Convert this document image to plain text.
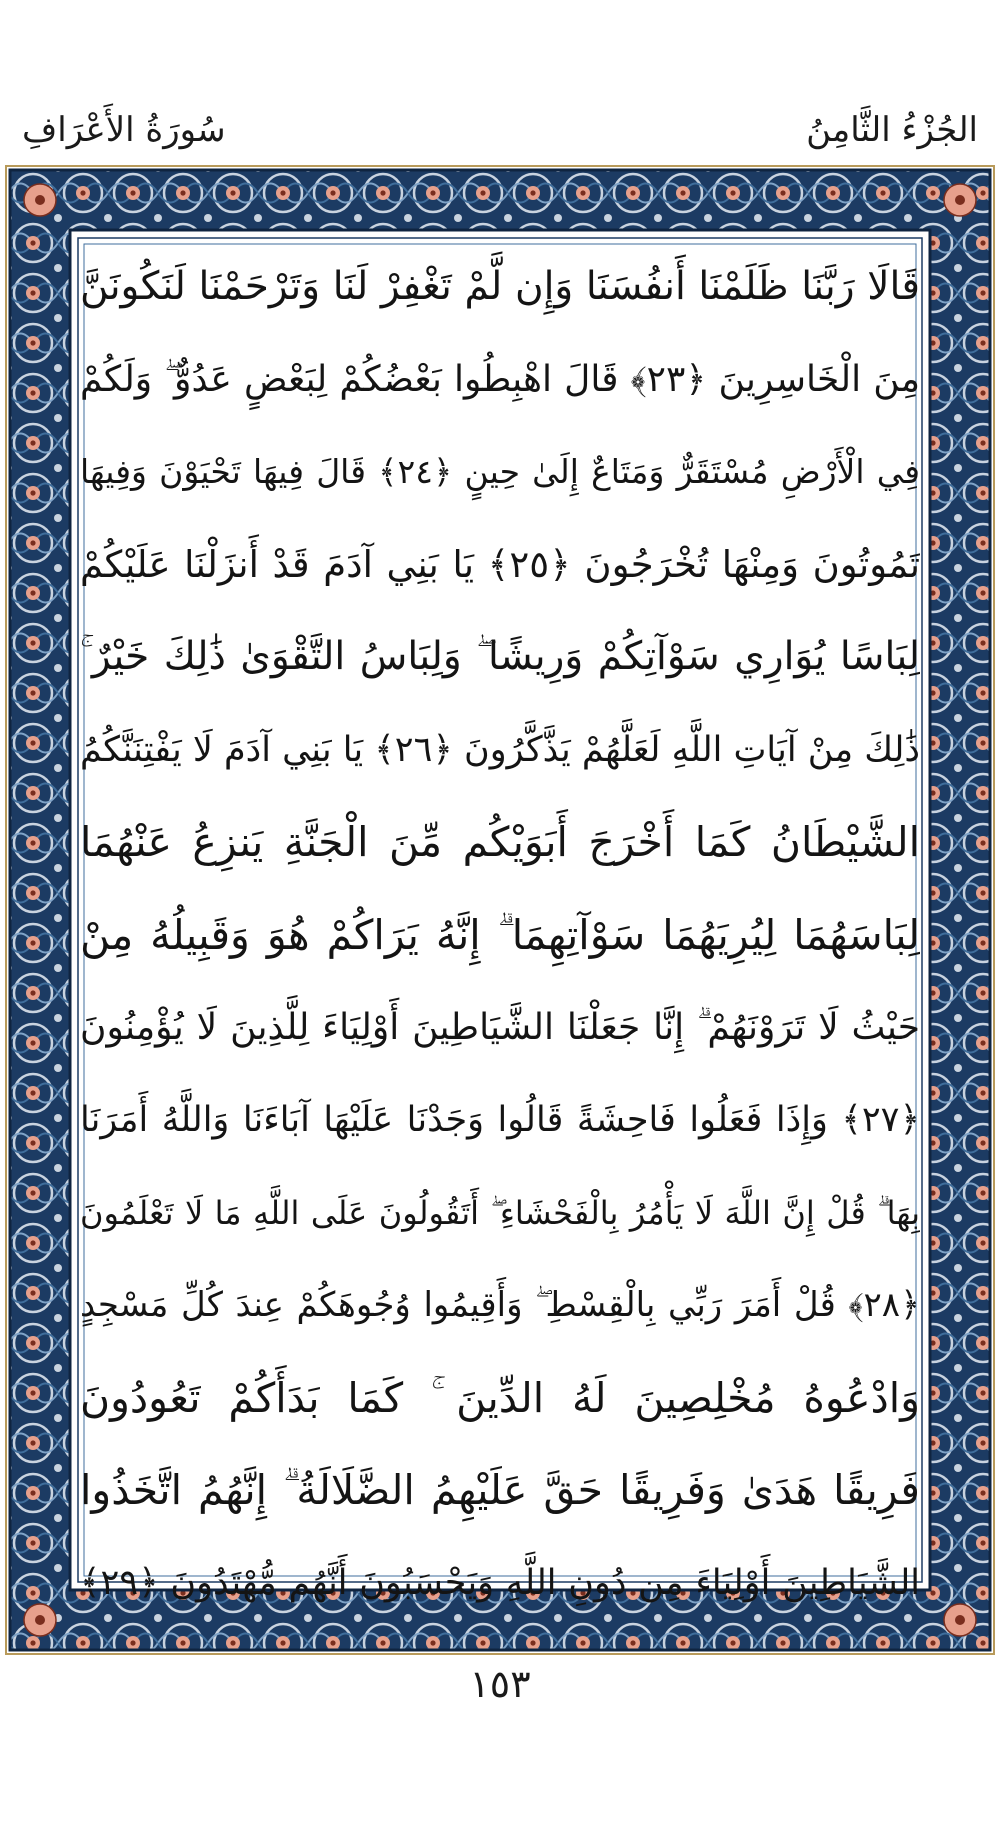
سُورَةُ الأَعْرَافِ	الجُزْءُ الثَّامِنُ
قَالَا رَبَّنَا ظَلَمْنَا أَنفُسَنَا وَإِن لَّمْ تَغْفِرْ لَنَا وَتَرْحَمْنَا لَنَكُونَنَّ
مِنَ الْخَاسِرِينَ ﴿٢٣﴾ قَالَ اهْبِطُوا بَعْضُكُمْ لِبَعْضٍ عَدُوٌّ ۖ وَلَكُمْ
فِي الْأَرْضِ مُسْتَقَرٌّ وَمَتَاعٌ إِلَىٰ حِينٍ ﴿٢٤﴾ قَالَ فِيهَا تَحْيَوْنَ وَفِيهَا
تَمُوتُونَ وَمِنْهَا تُخْرَجُونَ ﴿٢٥﴾ يَا بَنِي آدَمَ قَدْ أَنزَلْنَا عَلَيْكُمْ
لِبَاسًا يُوَارِي سَوْآتِكُمْ وَرِيشًا ۖ وَلِبَاسُ التَّقْوَىٰ ذَٰلِكَ خَيْرٌ ۚ
ذَٰلِكَ مِنْ آيَاتِ اللَّهِ لَعَلَّهُمْ يَذَّكَّرُونَ ﴿٢٦﴾ يَا بَنِي آدَمَ لَا يَفْتِنَنَّكُمُ
الشَّيْطَانُ كَمَا أَخْرَجَ أَبَوَيْكُم مِّنَ الْجَنَّةِ يَنزِعُ عَنْهُمَا
لِبَاسَهُمَا لِيُرِيَهُمَا سَوْآتِهِمَا ۗ إِنَّهُ يَرَاكُمْ هُوَ وَقَبِيلُهُ مِنْ
حَيْثُ لَا تَرَوْنَهُمْ ۗ إِنَّا جَعَلْنَا الشَّيَاطِينَ أَوْلِيَاءَ لِلَّذِينَ لَا يُؤْمِنُونَ
﴿٢٧﴾ وَإِذَا فَعَلُوا فَاحِشَةً قَالُوا وَجَدْنَا عَلَيْهَا آبَاءَنَا وَاللَّهُ أَمَرَنَا
بِهَا ۗ قُلْ إِنَّ اللَّهَ لَا يَأْمُرُ بِالْفَحْشَاءِ ۖ أَتَقُولُونَ عَلَى اللَّهِ مَا لَا تَعْلَمُونَ
﴿٢٨﴾ قُلْ أَمَرَ رَبِّي بِالْقِسْطِ ۖ وَأَقِيمُوا وُجُوهَكُمْ عِندَ كُلِّ مَسْجِدٍ
وَادْعُوهُ مُخْلِصِينَ لَهُ الدِّينَ ۚ كَمَا بَدَأَكُمْ تَعُودُونَ
فَرِيقًا هَدَىٰ وَفَرِيقًا حَقَّ عَلَيْهِمُ الضَّلَالَةُ ۗ إِنَّهُمُ اتَّخَذُوا
الشَّيَاطِينَ أَوْلِيَاءَ مِن دُونِ اللَّهِ وَيَحْسَبُونَ أَنَّهُم مُّهْتَدُونَ ﴿٢٩﴾
١٥٣
